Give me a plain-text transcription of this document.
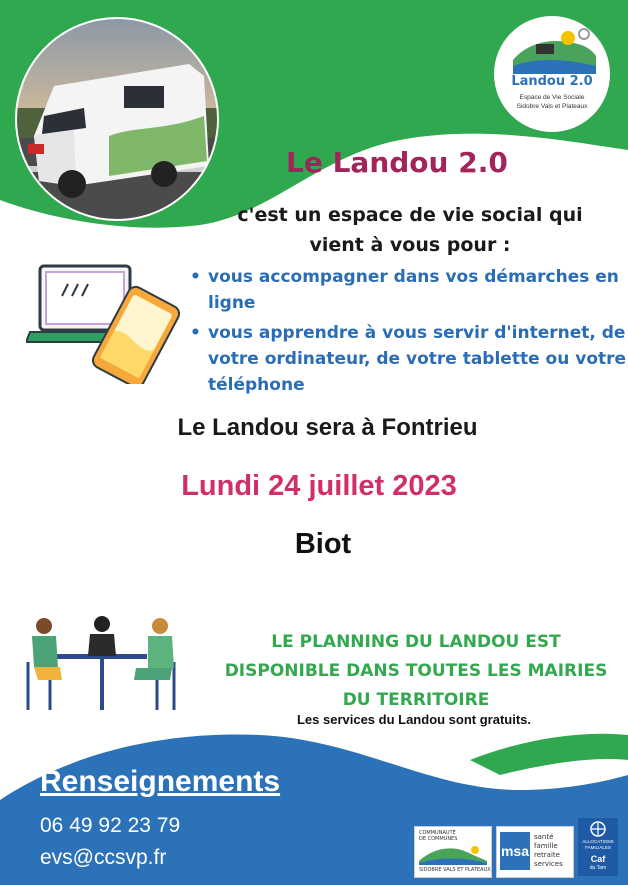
Landou 2.0
Espace de Vie Sociale
Sidobre Vals et Plateaux
Le Landou 2.0
c'est un espace de vie social qui
vient à vous pour :
• vous accompagner dans vos démarches en ligne
• vous apprendre à vous servir d'internet, de votre ordinateur, de votre tablette ou votre téléphone
Le Landou sera à Fontrieu
Lundi 24 juillet 2023
Biot
LE PLANNING DU LANDOU EST
DISPONIBLE DANS TOUTES LES MAIRIES
DU TERRITOIRE
Les services du Landou sont gratuits.
Renseignements
06 49 92 23 79
evs@ccsvp.fr
COMMUNAUTÉ
DE COMMUNES
SIDOBRE VALS ET PLATEAUX
msa
santé
famille
retraite
services
ALLOCATIONS
FAMILIALES
Caf
du Tarn
